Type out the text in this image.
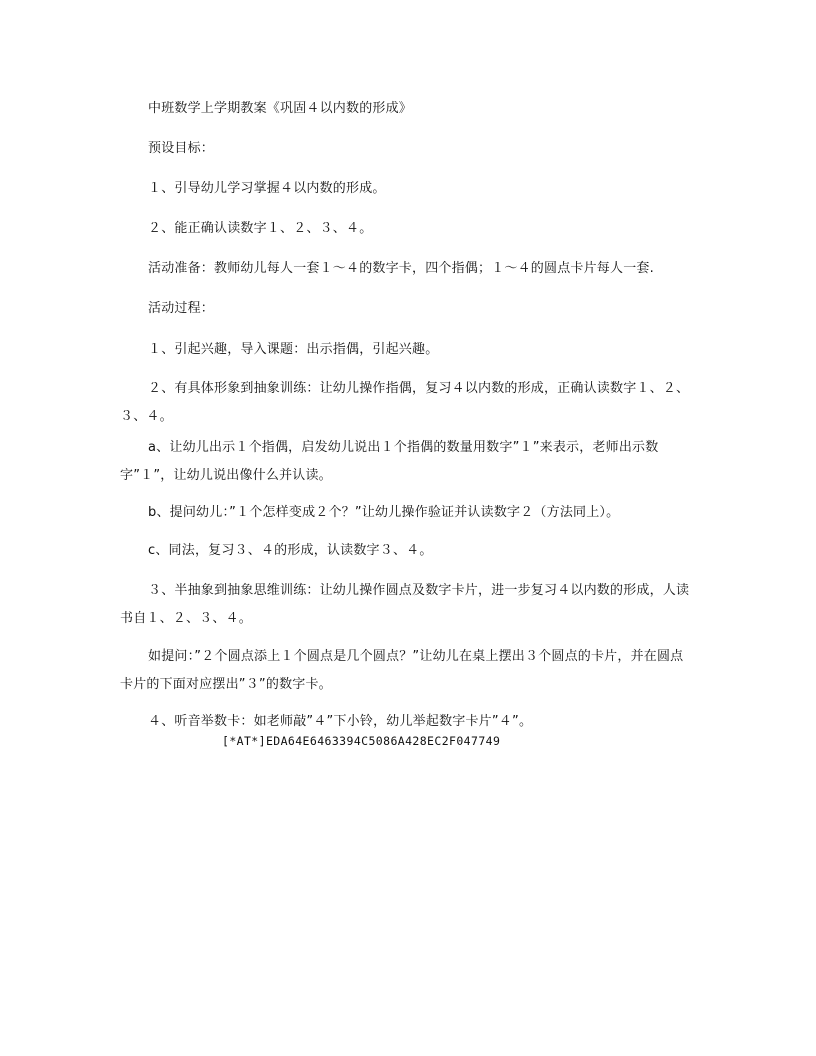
中班数学上学期教案《巩固４以内数的形成》

预设目标：

１、引导幼儿学习掌握４以内数的形成。

２、能正确认读数字１、２、３、４。

活动准备：教师幼儿每人一套１～４的数字卡，四个指偶；１～４的圆点卡片每人一套.

活动过程：

１、引起兴趣，导入课题：出示指偶，引起兴趣。

２、有具体形象到抽象训练：让幼儿操作指偶，复习４以内数的形成，正确认读数字１、２、３、４。

a、让幼儿出示１个指偶，启发幼儿说出１个指偶的数量用数字”１”来表示，老师出示数字”１”，让幼儿说出像什么并认读。

b、提问幼儿：”１个怎样变成２个？”让幼儿操作验证并认读数字２（方法同上）。

c、同法，复习３、４的形成，认读数字３、４。

３、半抽象到抽象思维训练：让幼儿操作圆点及数字卡片，进一步复习４以内数的形成，人读书自１、２、３、４。

如提问：”２个圆点添上１个圆点是几个圆点？”让幼儿在桌上摆出３个圆点的卡片，并在圆点卡片的下面对应摆出”３”的数字卡。

４、听音举数卡：如老师敲”４”下小铃，幼儿举起数字卡片”４”。

[*AT*]EDA64E6463394C5086A428EC2F047749
